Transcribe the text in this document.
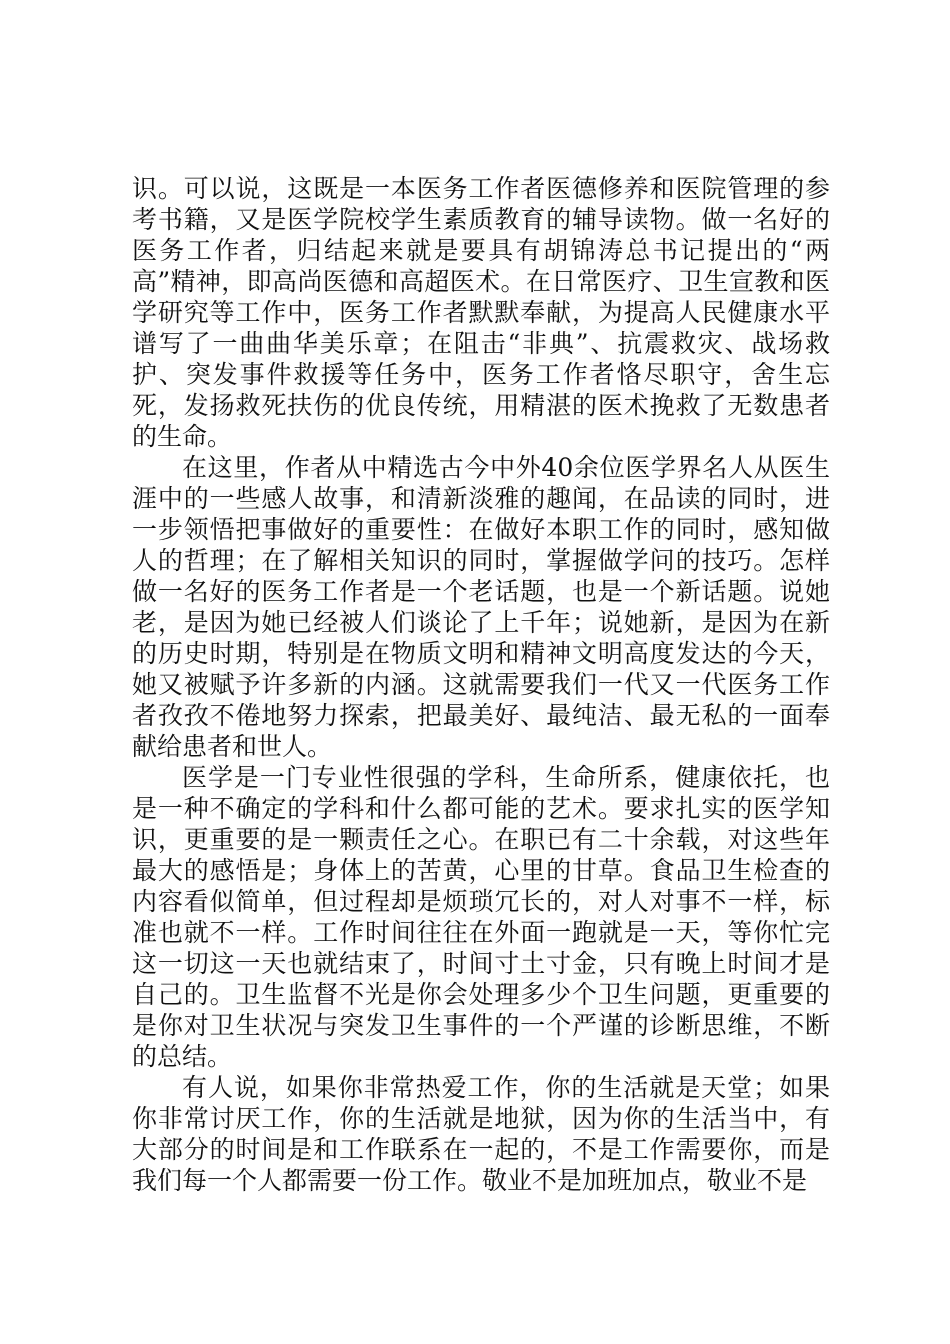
识。可以说，这既是一本医务工作者医德修养和医院管理的参考书籍，又是医学院校学生素质教育的辅导读物。做一名好的医务工作者，归结起来就是要具有胡锦涛总书记提出的“两高”精神，即高尚医德和高超医术。在日常医疗、卫生宣教和医学研究等工作中，医务工作者默默奉献，为提高人民健康水平谱写了一曲曲华美乐章；在阻击“非典”、抗震救灾、战场救护、突发事件救援等任务中，医务工作者恪尽职守，舍生忘死，发扬救死扶伤的优良传统，用精湛的医术挽救了无数患者的生命。

在这里，作者从中精选古今中外40余位医学界名人从医生涯中的一些感人故事，和清新淡雅的趣闻，在品读的同时，进一步领悟把事做好的重要性：在做好本职工作的同时，感知做人的哲理；在了解相关知识的同时，掌握做学问的技巧。怎样做一名好的医务工作者是一个老话题，也是一个新话题。说她老，是因为她已经被人们谈论了上千年；说她新，是因为在新的历史时期，特别是在物质文明和精神文明高度发达的今天，她又被赋予许多新的内涵。这就需要我们一代又一代医务工作者孜孜不倦地努力探索，把最美好、最纯洁、最无私的一面奉献给患者和世人。

医学是一门专业性很强的学科，生命所系，健康依托，也是一种不确定的学科和什么都可能的艺术。要求扎实的医学知识，更重要的是一颗责任之心。在职已有二十余载，对这些年最大的感悟是；身体上的苦黄，心里的甘草。食品卫生检查的内容看似简单，但过程却是烦琐冗长的，对人对事不一样，标准也就不一样。工作时间往往在外面一跑就是一天，等你忙完这一切这一天也就结束了，时间寸土寸金，只有晚上时间才是自己的。卫生监督不光是你会处理多少个卫生问题，更重要的是你对卫生状况与突发卫生事件的一个严谨的诊断思维，不断的总结。

有人说，如果你非常热爱工作，你的生活就是天堂；如果你非常讨厌工作，你的生活就是地狱，因为你的生活当中，有大部分的时间是和工作联系在一起的，不是工作需要你，而是我们每一个人都需要一份工作。敬业不是加班加点，敬业不是
